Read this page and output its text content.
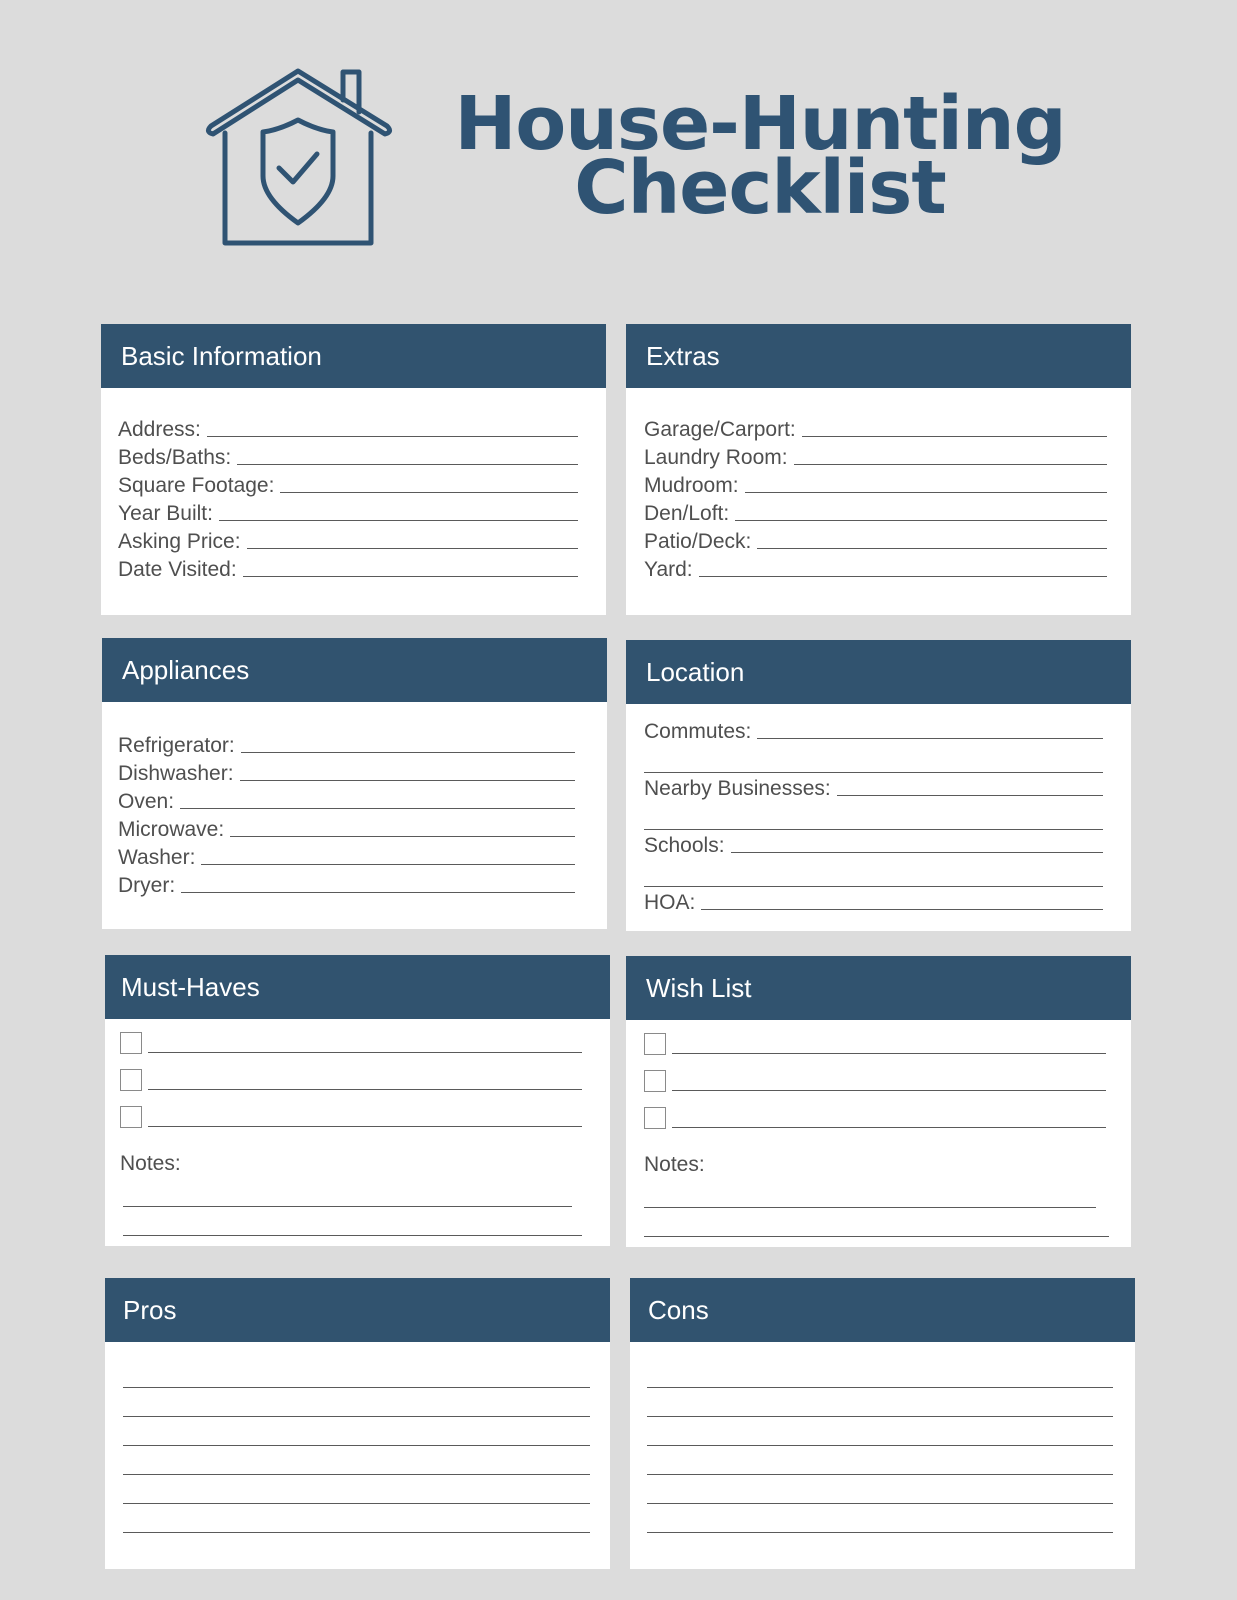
House-Hunting
Checklist
Basic Information
Address:
Beds/Baths:
Square Footage:
Year Built:
Asking Price:
Date Visited:
Extras
Garage/Carport:
Laundry Room:
Mudroom:
Den/Loft:
Patio/Deck:
Yard:
Appliances
Refrigerator:
Dishwasher:
Oven:
Microwave:
Washer:
Dryer:
Location
Commutes:
Nearby Businesses:
Schools:
HOA:
Must-Haves
Notes:
Wish List
Notes:
Pros	Cons
